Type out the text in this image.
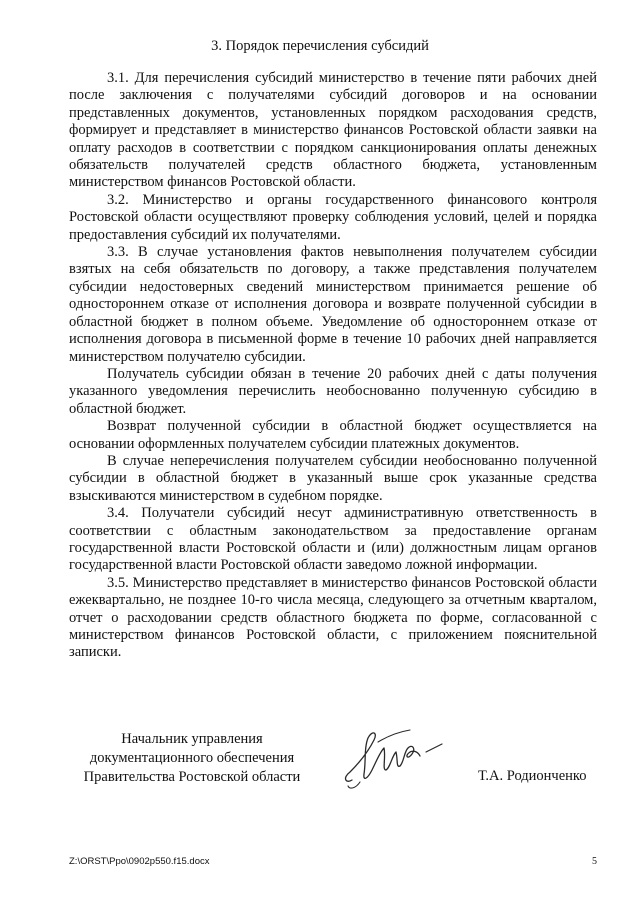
3. Порядок перечисления субсидий

3.1. Для перечисления субсидий министерство в течение пяти рабочих дней после заключения с получателями субсидий договоров и на основании представленных документов, установленных порядком расходования средств, формирует и представляет в министерство финансов Ростовской области заявки на оплату расходов в соответствии с порядком санкционирования оплаты денежных обязательств получателей средств областного бюджета, установленным министерством финансов Ростовской области.

3.2. Министерство и органы государственного финансового контроля Ростовской области осуществляют проверку соблюдения условий, целей и порядка предоставления субсидий их получателями.

3.3. В случае установления фактов невыполнения получателем субсидии взятых на себя обязательств по договору, а также представления получателем субсидии недостоверных сведений министерством принимается решение об одностороннем отказе от исполнения договора и возврате полученной субсидии в областной бюджет в полном объеме. Уведомление об одностороннем отказе от исполнения договора в письменной форме в течение 10 рабочих дней направляется министерством получателю субсидии.

Получатель субсидии обязан в течение 20 рабочих дней с даты получения указанного уведомления перечислить необоснованно полученную субсидию в областной бюджет.

Возврат полученной субсидии в областной бюджет осуществляется на основании оформленных получателем субсидии платежных документов.

В случае неперечисления получателем субсидии необоснованно полученной субсидии в областной бюджет в указанный выше срок указанные средства взыскиваются министерством в судебном порядке.

3.4. Получатели субсидий несут административную ответственность в соответствии с областным законодательством за предоставление органам государственной власти Ростовской области и (или) должностным лицам органов государственной власти Ростовской области заведомо ложной информации.

3.5. Министерство представляет в министерство финансов Ростовской области ежеквартально, не позднее 10-го числа месяца, следующего за отчетным кварталом, отчет о расходовании средств областного бюджета по форме, согласованной с министерством финансов Ростовской области, с приложением пояснительной записки.

Начальник управления
документационного обеспечения
Правительства Ростовской области	Т.А. Родионченко
Z:\ORST\Ppo\0902p550.f15.docx	5
